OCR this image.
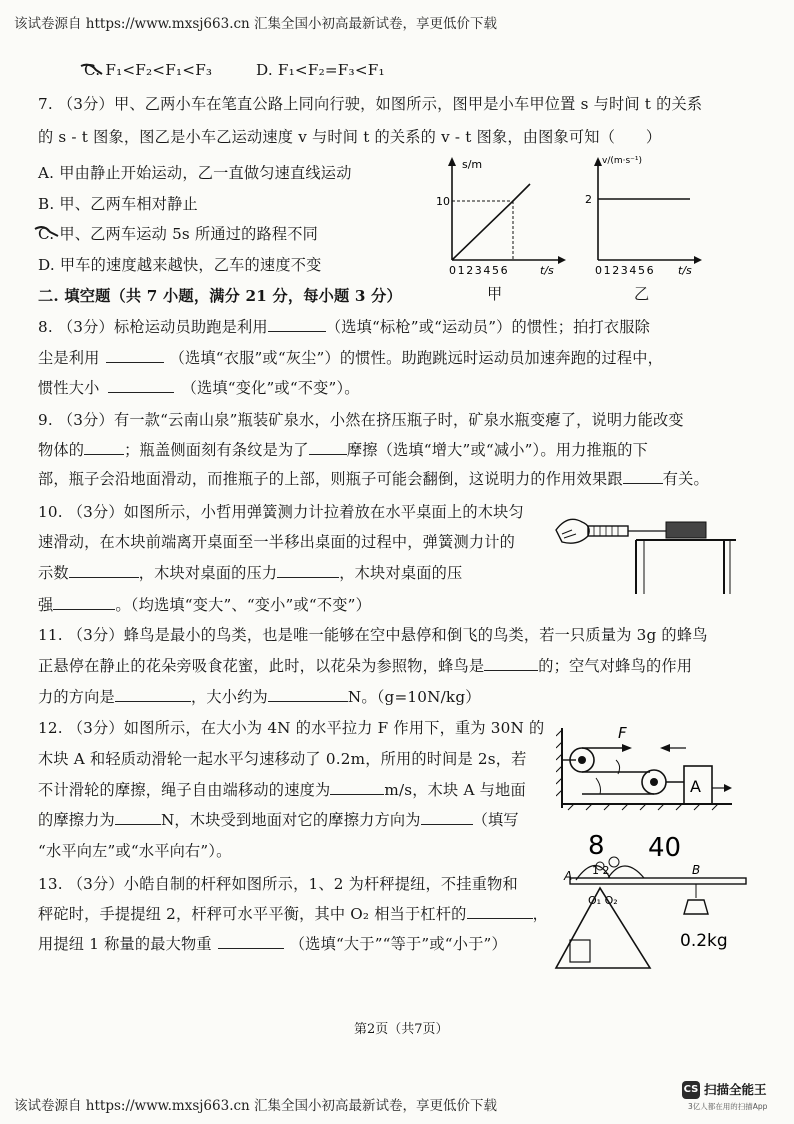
该试卷源自 https://www.mxsj663.cn 汇集全国小初高最新试卷，享更低价下载
C. F₁<F₂<F₁<F₃	D. F₁<F₂=F₃<F₁
7. （3分）甲、乙两小车在笔直公路上同向行驶，如图所示，图甲是小车甲位置 s 与时间 t 的关系
的 s - t 图象，图乙是小车乙运动速度 v 与时间 t 的关系的 v - t 图象，由图象可知（　　）
A. 甲由静止开始运动，乙一直做匀速直线运动
B. 甲、乙两车相对静止
C. 甲、乙两车运动 5s 所通过的路程不同
D. 甲车的速度越来越快，乙车的速度不变
s/m
10
0123456	t/s
甲
v/(m·s⁻¹)
2
0123456 t/s
乙
二. 填空题（共 7 小题，满分 21 分，每小题 3 分）
8. （3分）标枪运动员助跑是利用	（选填“标枪”或“运动员”）的惯性；拍打衣服除
尘是利用	（选填“衣服”或“灰尘”）的惯性。助跑跳远时运动员加速奔跑的过程中，
惯性大小	（选填“变化”或“不变”）。
9. （3分）有一款“云南山泉”瓶装矿泉水，小然在挤压瓶子时，矿泉水瓶变瘪了，说明力能改变
物体的	；瓶盖侧面刻有条纹是为了	摩擦（选填“增大”或“减小”）。用力推瓶的下
部，瓶子会沿地面滑动，而推瓶子的上部，则瓶子可能会翻倒，这说明力的作用效果跟	有关。
10. （3分）如图所示，小哲用弹簧测力计拉着放在水平桌面上的木块匀
速滑动，在木块前端离开桌面至一半移出桌面的过程中，弹簧测力计的
示数	，木块对桌面的压力	，木块对桌面的压
强	。（均选填“变大”、“变小”或“不变”）
11. （3分）蜂鸟是最小的鸟类，也是唯一能够在空中悬停和倒飞的鸟类，若一只质量为 3g 的蜂鸟
正悬停在静止的花朵旁吸食花蜜，此时，以花朵为参照物，蜂鸟是	的；空气对蜂鸟的作用
力的方向是	，大小约为	N。（g=10N/kg）
12. （3分）如图所示，在大小为 4N 的水平拉力 F 作用下，重为 30N 的
木块 A 和轻质动滑轮一起水平匀速移动了 0.2m，所用的时间是 2s，若
不计滑轮的摩擦，绳子自由端移动的速度为	m/s，木块 A 与地面
的摩擦力为	N，木块受到地面对它的摩擦力方向为	（填写
“水平向左”或“水平向右”）。
F
A
13. （3分）小皓自制的杆秤如图所示，1、2 为杆秤提纽，不挂重物和
秤砣时，手提提纽 2，杆秤可水平平衡，其中 O₂ 相当于杠杆的	，
用提纽 1 称量的最大物重	（选填“大于”“等于”或“小于”）
8 40
1 2
A	B
O₁ O₂
0.2kg
第2页（共7页）
该试卷源自 https://www.mxsj663.cn 汇集全国小初高最新试卷，享更低价下载
CS 扫描全能王
3亿人都在用的扫描App
